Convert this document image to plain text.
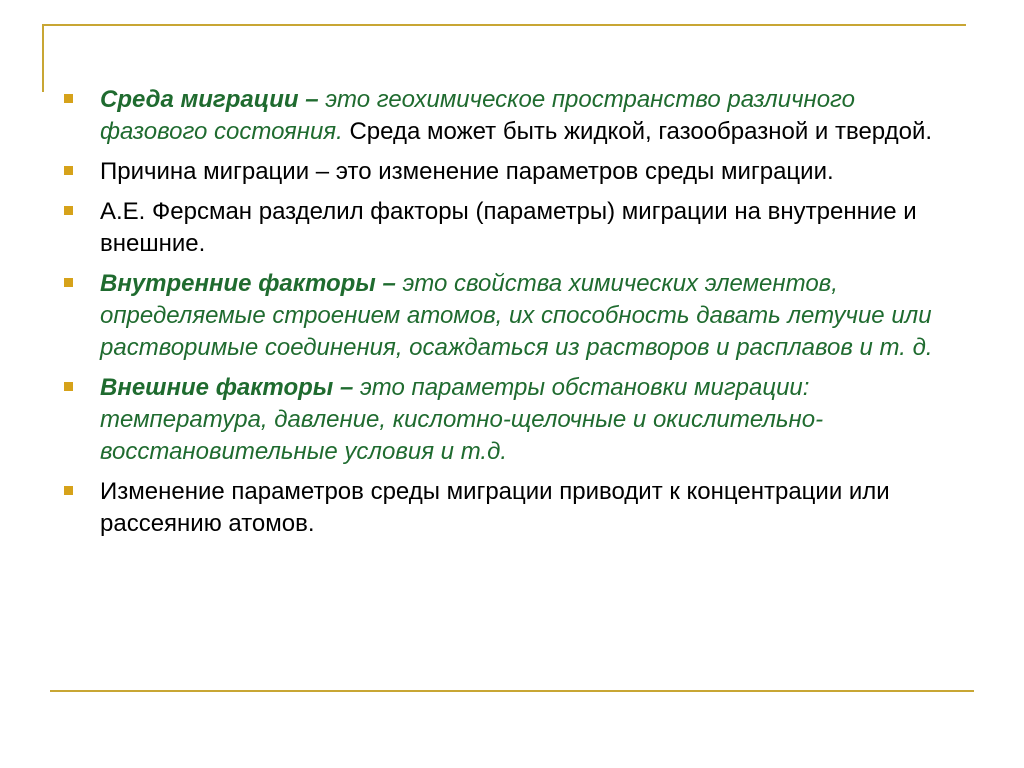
Среда миграции – это геохимическое пространство различного фазового состояния. Среда может быть жидкой, газообразной и твердой.
Причина миграции – это изменение параметров среды миграции.
А.Е. Ферсман разделил факторы (параметры) миграции на внутренние и внешние.
Внутренние факторы – это свойства химических элементов, определяемые строением атомов, их способность давать летучие или растворимые соединения, осаждаться из растворов и расплавов и т. д.
Внешние факторы – это параметры обстановки миграции: температура, давление, кислотно-щелочные и окислительно-восстановительные условия и т.д.
Изменение параметров среды миграции приводит к концентрации или рассеянию атомов.
